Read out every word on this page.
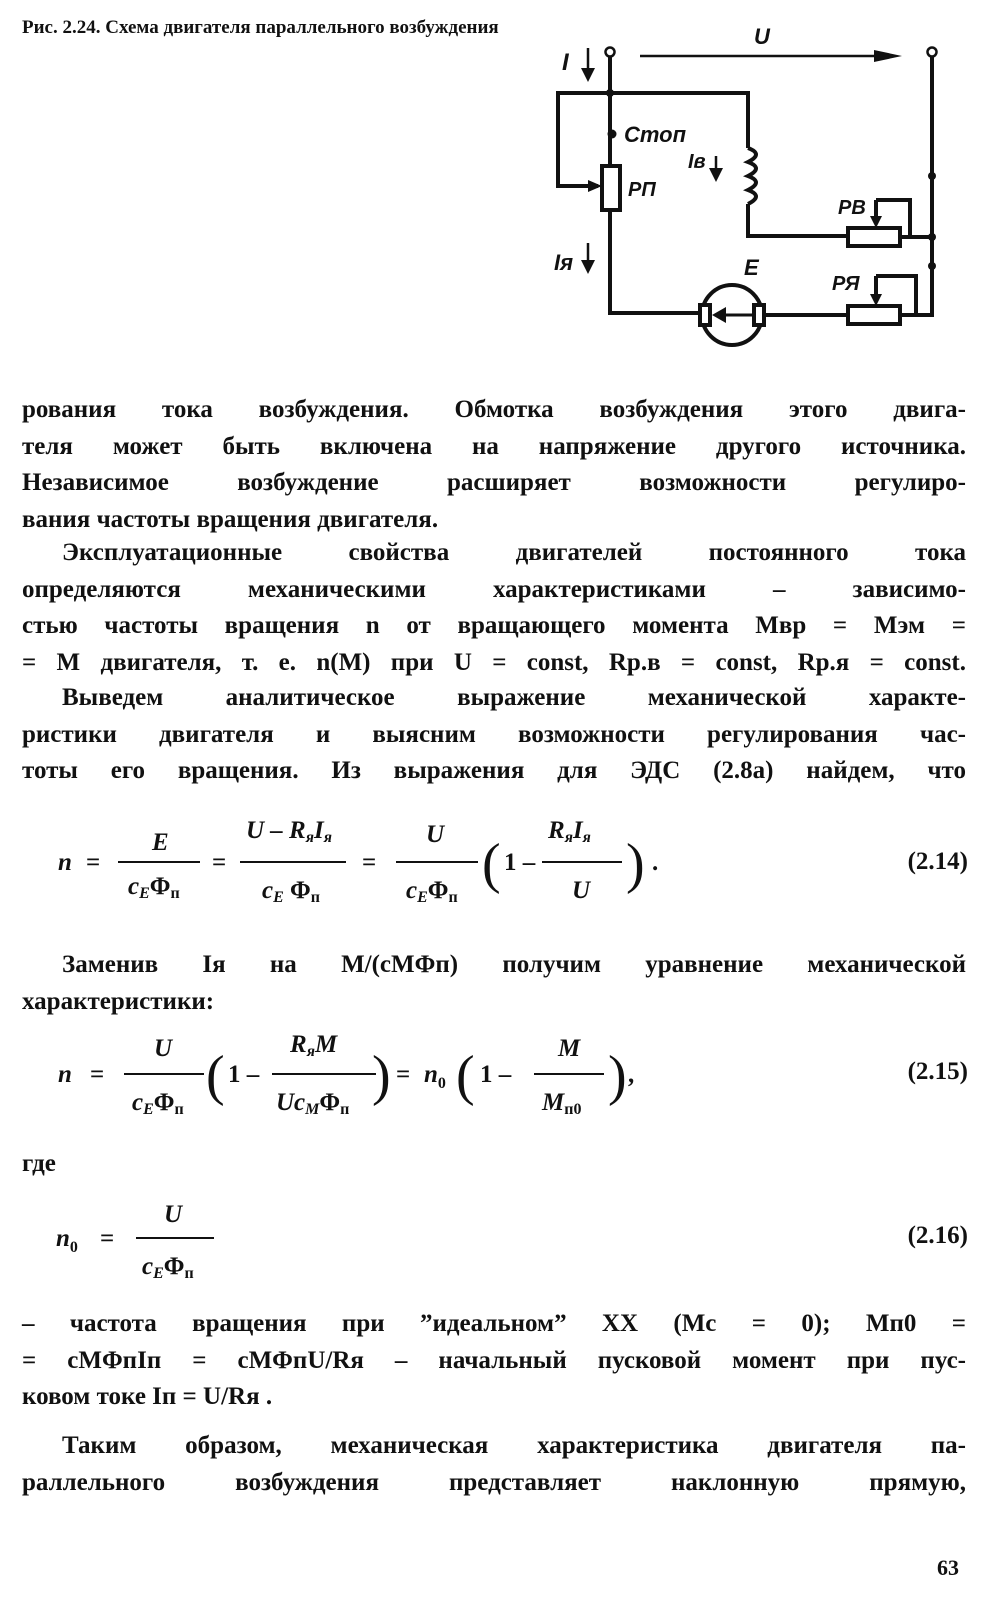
Рис. 2.24. Схема двигателя параллельного возбуждения
I
U
Стоп
РП
Iв
Iя	E
РВ
РЯ
рования тока возбуждения. Обмотка возбуждения этого двига-
теля может быть включена на напряжение другого источника.
Независимое возбуждение расширяет возможности регулиро-
вания частоты вращения двигателя.
Эксплуатационные свойства двигателей постоянного тока
определяются механическими характеристиками – зависимо-
стью частоты вращения n от вращающего момента Mвр = Mэм =
= M двигателя, т. е. n(M) при U = const, Rр.в = const, Rр.я = const.
Выведем аналитическое выражение механической характе-
ристики двигателя и выясним возможности регулирования час-
тоты его вращения. Из выражения для ЭДС (2.8а) найдем, что
n =
E
cEΦп
=
U – RяIя
cE Φп
=
U
cEΦп
( 1 –
RяIя
U ) .	(2.14)
Заменив Iя на M/(cMΦп) получим уравнение механической
характеристики:
n =
U
cEΦп
( 1 –
RяM
UcMΦп
) = $n_0$ ( 1 –
M
Mп0
) ,	(2.15)
где
$n_0$ =
U
cEΦп
(2.16)
– частота вращения при ”идеальном” XX (Mс = 0); Mп0 =
= cMΦпIп = cMΦпU/Rя – начальный пусковой момент при пус-
ковом токе Iп = U/Rя .
Таким образом, механическая характеристика двигателя па-
раллельного возбуждения представляет наклонную прямую,
63
